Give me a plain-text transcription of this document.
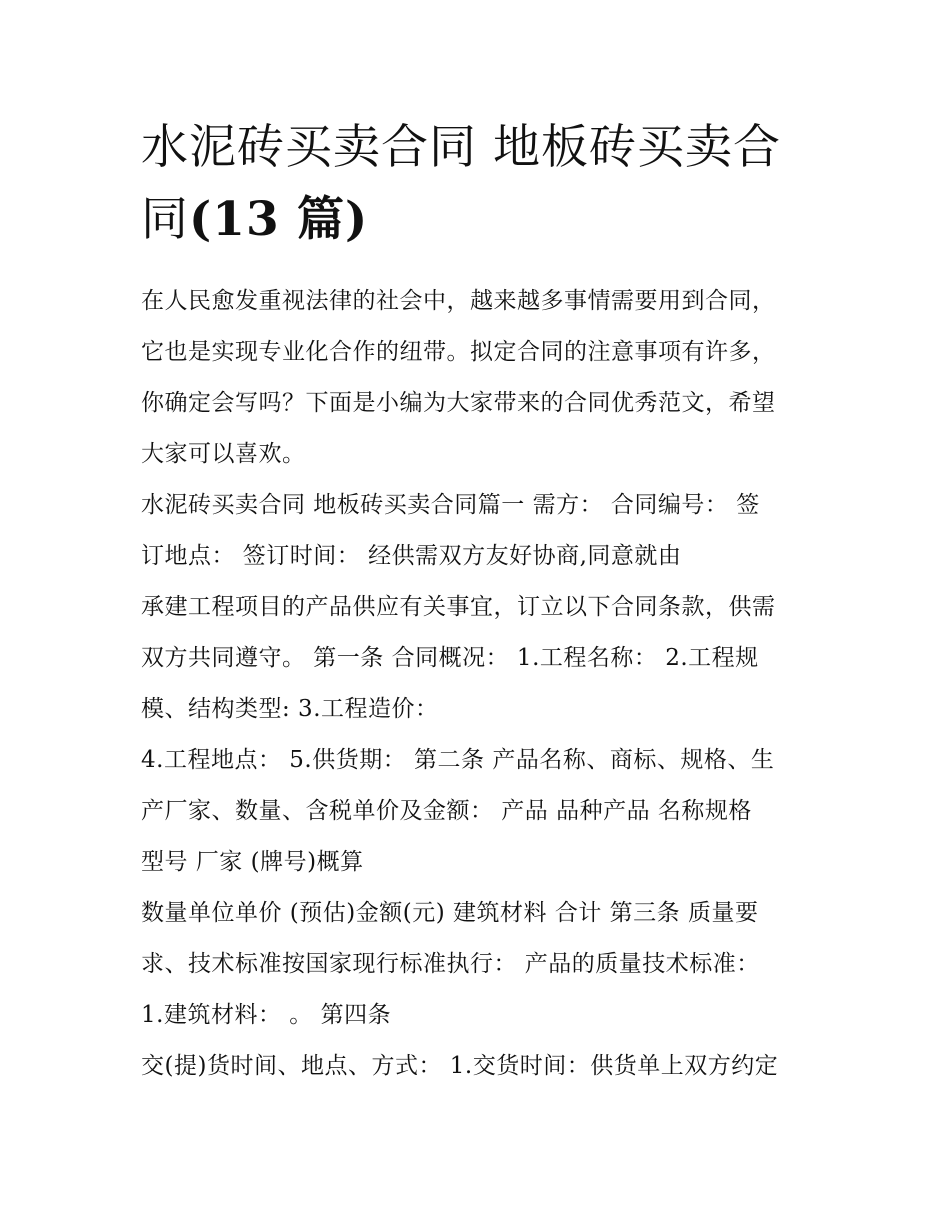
水泥砖买卖合同 地板砖买卖合
同(13 篇)

在人民愈发重视法律的社会中，越来越多事情需要用到合同，
它也是实现专业化合作的纽带。拟定合同的注意事项有许多，
你确定会写吗？下面是小编为大家带来的合同优秀范文，希望
大家可以喜欢。

水泥砖买卖合同 地板砖买卖合同篇一 需方： 合同编号： 签
订地点： 签订时间： 经供需双方友好协商,同意就由
承建工程项目的产品供应有关事宜，订立以下合同条款，供需
双方共同遵守。 第一条 合同概况： 1.工程名称： 2.工程规
模、结构类型: 3.工程造价：
4.工程地点： 5.供货期： 第二条 产品名称、商标、规格、生
产厂家、数量、含税单价及金额： 产品 品种产品 名称规格
型号 厂家 (牌号)概算
数量单位单价 (预估)金额(元) 建筑材料 合计 第三条 质量要
求、技术标准按国家现行标准执行： 产品的质量技术标准：
1.建筑材料： 。 第四条
交(提)货时间、地点、方式： 1.交货时间：供货单上双方约定
